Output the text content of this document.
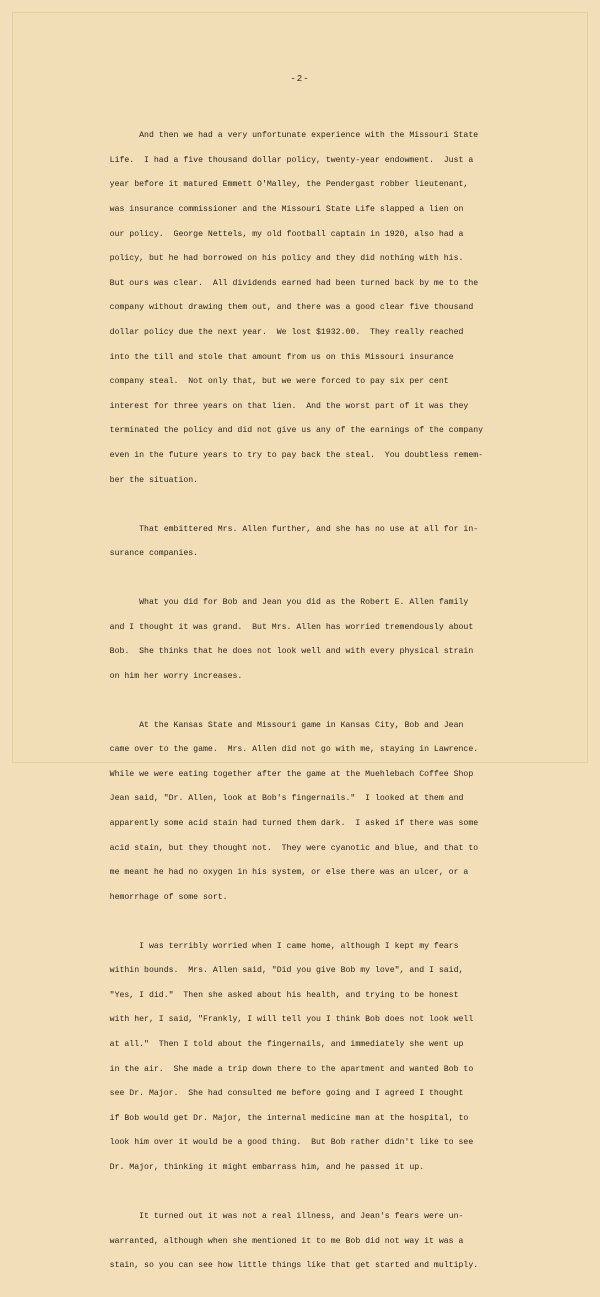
-2-

And then we had a very unfortunate experience with the Missouri State

Life.  I had a five thousand dollar policy, twenty-year endowment.  Just a

year before it matured Emmett O'Malley, the Pendergast robber lieutenant,

was insurance commissioner and the Missouri State Life slapped a lien on

our policy.  George Nettels, my old football captain in 1920, also had a

policy, but he had borrowed on his policy and they did nothing with his.

But ours was clear.  All dividends earned had been turned back by me to the

company without drawing them out, and there was a good clear five thousand

dollar policy due the next year.  We lost $1932.00.  They really reached

into the till and stole that amount from us on this Missouri insurance

company steal.  Not only that, but we were forced to pay six per cent

interest for three years on that lien.  And the worst part of it was they

terminated the policy and did not give us any of the earnings of the company

even in the future years to try to pay back the steal.  You doubtless remem-

ber the situation.

That embittered Mrs. Allen further, and she has no use at all for in-

surance companies.

What you did for Bob and Jean you did as the Robert E. Allen family

and I thought it was grand.  But Mrs. Allen has worried tremendously about

Bob.  She thinks that he does not look well and with every physical strain

on him her worry increases.

At the Kansas State and Missouri game in Kansas City, Bob and Jean

came over to the game.  Mrs. Allen did not go with me, staying in Lawrence.

While we were eating together after the game at the Muehlebach Coffee Shop

Jean said, "Dr. Allen, look at Bob's fingernails."  I looked at them and

apparently some acid stain had turned them dark.  I asked if there was some

acid stain, but they thought not.  They were cyanotic and blue, and that to

me meant he had no oxygen in his system, or else there was an ulcer, or a

hemorrhage of some sort.

I was terribly worried when I came home, although I kept my fears

within bounds.  Mrs. Allen said, "Did you give Bob my love", and I said,

"Yes, I did."  Then she asked about his health, and trying to be honest

with her, I said, "Frankly, I will tell you I think Bob does not look well

at all."  Then I told about the fingernails, and immediately she went up

in the air.  She made a trip down there to the apartment and wanted Bob to

see Dr. Major.  She had consulted me before going and I agreed I thought

if Bob would get Dr. Major, the internal medicine man at the hospital, to

look him over it would be a good thing.  But Bob rather didn't like to see

Dr. Major, thinking it might embarrass him, and he passed it up.

It turned out it was not a real illness, and Jean's fears were un-

warranted, although when she mentioned it to me Bob did not way it was a

stain, so you can see how little things like that get started and multiply.
